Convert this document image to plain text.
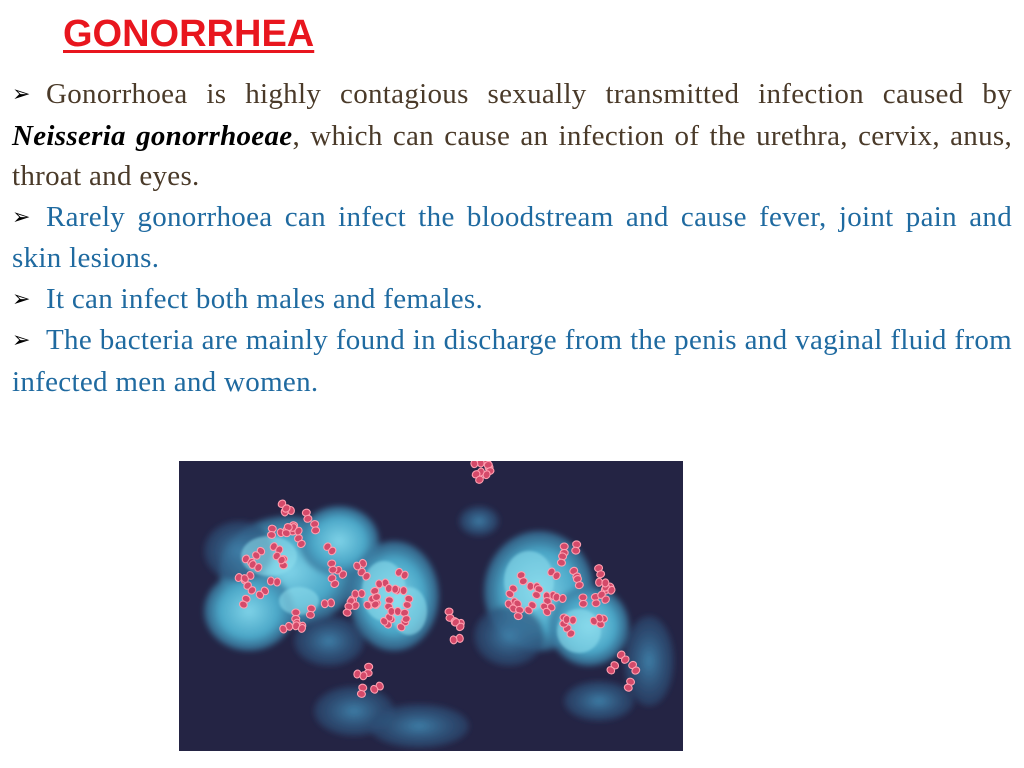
GONORRHEA

➢ Gonorrhoea is highly contagious sexually transmitted infection caused by Neisseria gonorrhoeae, which can cause an infection of the urethra, cervix, anus, throat and eyes.

➢ Rarely gonorrhoea can infect the bloodstream and cause fever, joint pain and skin lesions.

➢ It can infect both males and females.

➢ The bacteria are mainly found in discharge from the penis and vaginal fluid from infected men and women.
